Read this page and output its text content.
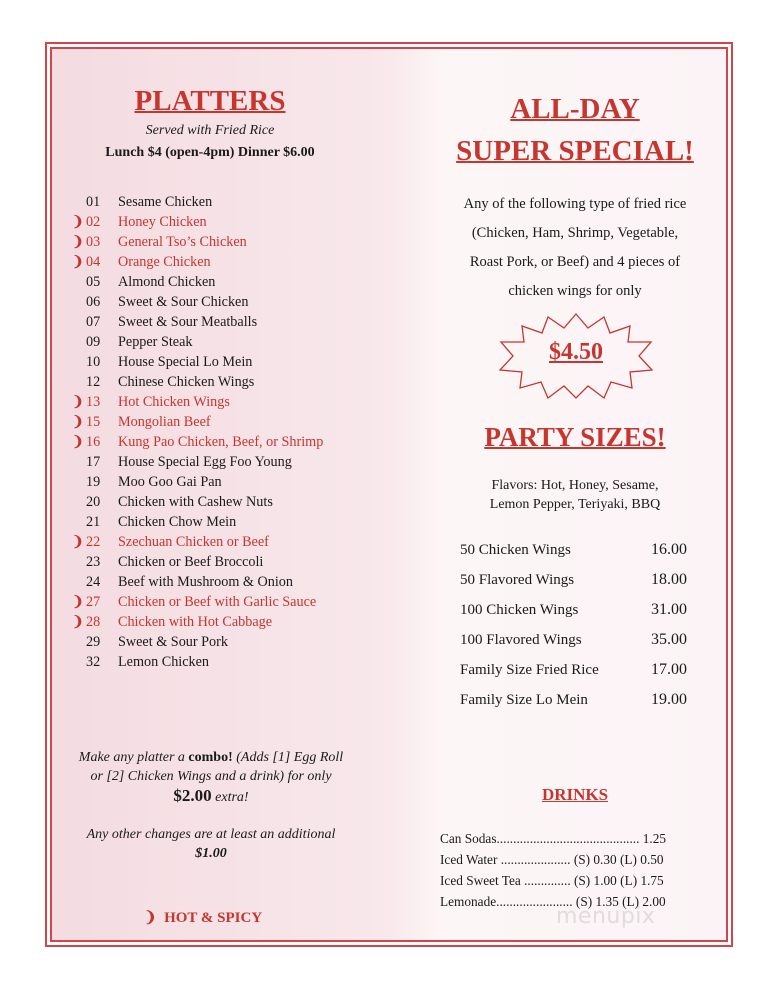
PLATTERS
Served with Fried Rice
Lunch $4 (open-4pm) Dinner $6.00
01 Sesame Chicken
02 Honey Chicken
03 General Tso’s Chicken
04 Orange Chicken
05 Almond Chicken
06 Sweet & Sour Chicken
07 Sweet & Sour Meatballs
09 Pepper Steak
10 House Special Lo Mein
12 Chinese Chicken Wings
13 Hot Chicken Wings
15 Mongolian Beef
16 Kung Pao Chicken, Beef, or Shrimp
17 House Special Egg Foo Young
19 Moo Goo Gai Pan
20 Chicken with Cashew Nuts
21 Chicken Chow Mein
22 Szechuan Chicken or Beef
23 Chicken or Beef Broccoli
24 Beef with Mushroom & Onion
27 Chicken or Beef with Garlic Sauce
28 Chicken with Hot Cabbage
29 Sweet & Sour Pork
32 Lemon Chicken
Make any platter a combo! (Adds [1] Egg Roll or [2] Chicken Wings and a drink) for only $2.00 extra!
Any other changes are at least an additional $1.00
❩ HOT & SPICY
ALL-DAY
SUPER SPECIAL!
Any of the following type of fried rice
(Chicken, Ham, Shrimp, Vegetable,
Roast Pork, or Beef) and 4 pieces of
chicken wings for only
$4.50
PARTY SIZES!
Flavors: Hot, Honey, Sesame,
Lemon Pepper, Teriyaki, BBQ
50 Chicken Wings	16.00
50 Flavored Wings	18.00
100 Chicken Wings	31.00
100 Flavored Wings	35.00
Family Size Fried Rice	17.00
Family Size Lo Mein	19.00
DRINKS
Can Sodas........................................... 1.25
Iced Water ..................... (S) 0.30 (L) 0.50
Iced Sweet Tea .............. (S) 1.00 (L) 1.75
Lemonade....................... (S) 1.35 (L) 2.00
menupix
